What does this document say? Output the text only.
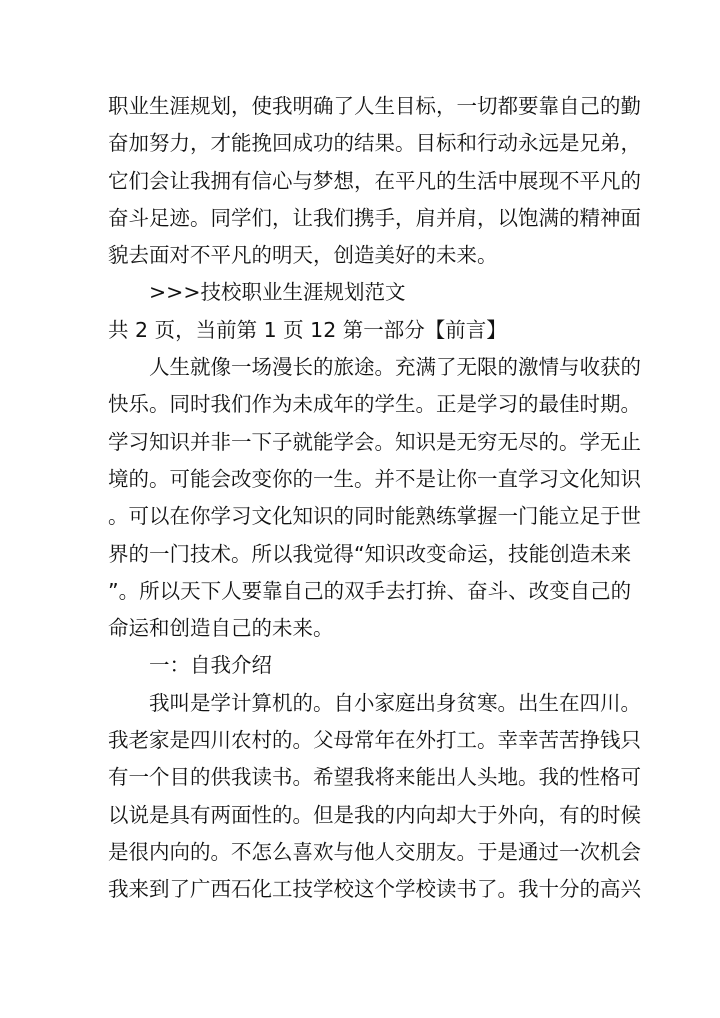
职业生涯规划，使我明确了人生目标，一切都要靠自己的勤
奋加努力，才能挽回成功的结果。目标和行动永远是兄弟，
它们会让我拥有信心与梦想，在平凡的生活中展现不平凡的
奋斗足迹。同学们，让我们携手，肩并肩，以饱满的精神面
貌去面对不平凡的明天，创造美好的未来。
>>>技校职业生涯规划范文
共 2 页，当前第 1 页 12 第一部分【前言】
人生就像一场漫长的旅途。充满了无限的激情与收获的
快乐。同时我们作为未成年的学生。正是学习的最佳时期。
学习知识并非一下子就能学会。知识是无穷无尽的。学无止
境的。可能会改变你的一生。并不是让你一直学习文化知识
。可以在你学习文化知识的同时能熟练掌握一门能立足于世
界的一门技术。所以我觉得“知识改变命运，技能创造未来
”。所以天下人要靠自己的双手去打拚、奋斗、改变自己的
命运和创造自己的未来。
一：自我介绍
我叫是学计算机的。自小家庭出身贫寒。出生在四川。
我老家是四川农村的。父母常年在外打工。幸幸苦苦挣钱只
有一个目的供我读书。希望我将来能出人头地。我的性格可
以说是具有两面性的。但是我的内向却大于外向，有的时候
是很内向的。不怎么喜欢与他人交朋友。于是通过一次机会
我来到了广西石化工技学校这个学校读书了。我十分的高兴
